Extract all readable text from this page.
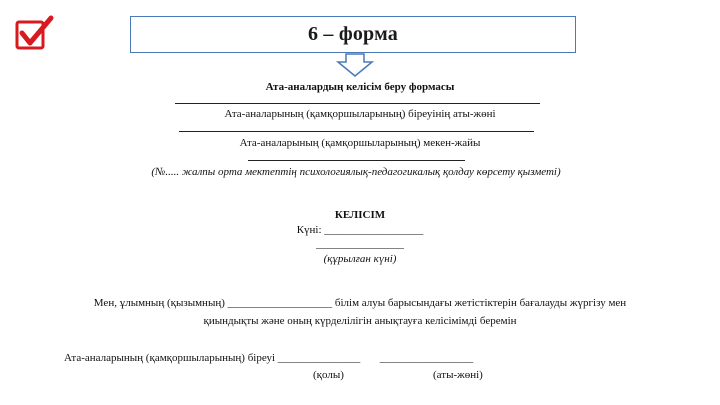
6 – форма
Ата-аналардың келісім беру формасы
Ата-аналарының (қамқоршыларының) біреуінің аты-жөні
Ата-аналарының (қамқоршыларының) мекен-жайы
(№..... жалпы орта мектептің психологиялық-педагогикалық қолдау көрсету қызметі)
КЕЛІСІМ
Күні: __________________
________________
(құрылған күні)
Мен, ұлымның (қызымның) ___________________ білім алуы барысындағы жетістіктерін бағалауды жүргізу мен
қиындықты және оның күрделілігін анықтауға келісімімді беремін
Ата-аналарының (қамқоршыларының) біреуі _______________ _________________
(қолы)	(аты-жөні)
